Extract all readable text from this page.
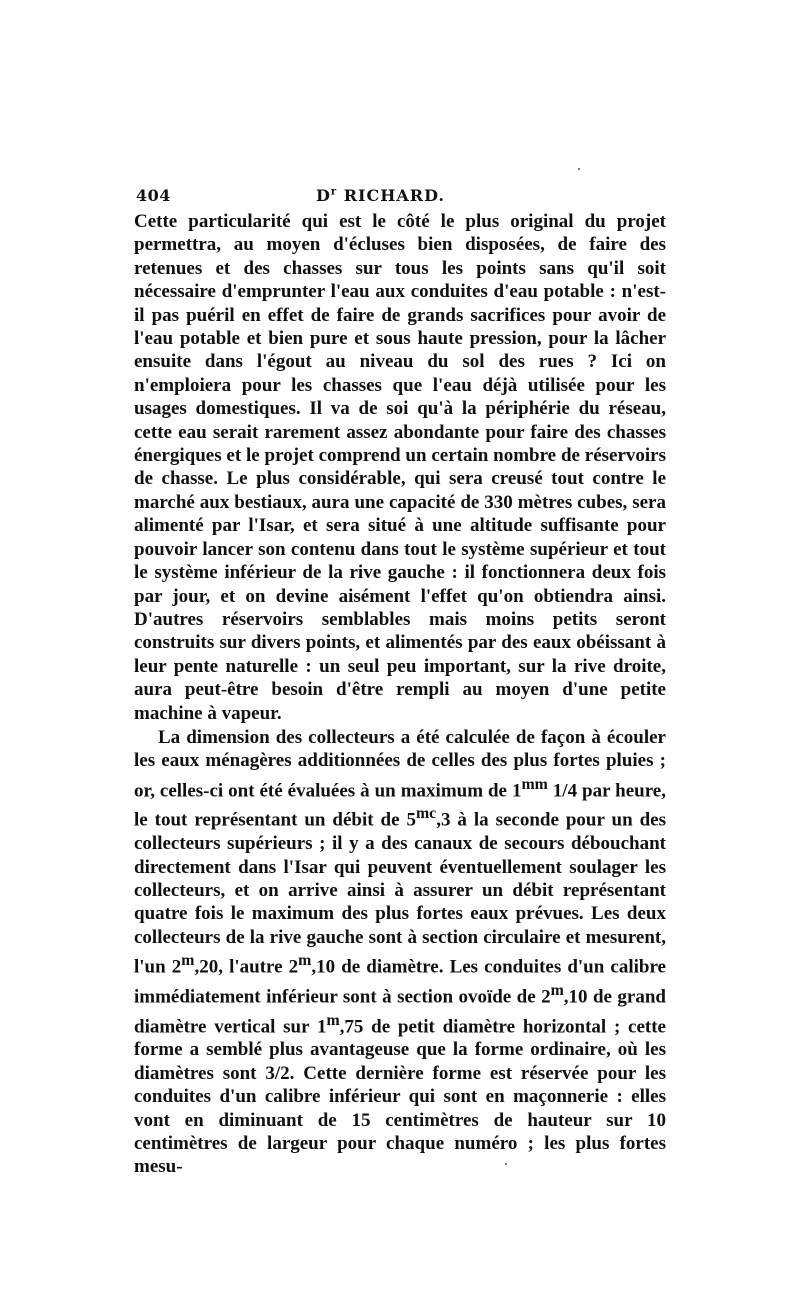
404	$D^r$ RICHARD.

Cette particularité qui est le côté le plus original du projet permettra, au moyen d'écluses bien disposées, de faire des retenues et des chasses sur tous les points sans qu'il soit nécessaire d'emprunter l'eau aux conduites d'eau potable : n'est-il pas puéril en effet de faire de grands sacrifices pour avoir de l'eau potable et bien pure et sous haute pression, pour la lâcher ensuite dans l'égout au niveau du sol des rues ? Ici on n'emploiera pour les chasses que l'eau déjà utilisée pour les usages domestiques. Il va de soi qu'à la périphérie du réseau, cette eau serait rarement assez abondante pour faire des chasses énergiques et le projet comprend un certain nombre de réservoirs de chasse. Le plus considérable, qui sera creusé tout contre le marché aux bestiaux, aura une capacité de 330 mètres cubes, sera alimenté par l'Isar, et sera situé à une altitude suffisante pour pouvoir lancer son contenu dans tout le système supérieur et tout le système inférieur de la rive gauche : il fonctionnera deux fois par jour, et on devine aisément l'effet qu'on obtiendra ainsi. D'autres réservoirs semblables mais moins petits seront construits sur divers points, et alimentés par des eaux obéissant à leur pente naturelle : un seul peu important, sur la rive droite, aura peut-être besoin d'être rempli au moyen d'une petite machine à vapeur.

La dimension des collecteurs a été calculée de façon à écouler les eaux ménagères additionnées de celles des plus fortes pluies ; or, celles-ci ont été évaluées à un maximum de $1^{mm}$ 1/4 par heure, le tout représentant un débit de $5^{mc},3$ à la seconde pour un des collecteurs supérieurs ; il y a des canaux de secours débouchant directement dans l'Isar qui peuvent éventuellement soulager les collecteurs, et on arrive ainsi à assurer un débit représentant quatre fois le maximum des plus fortes eaux prévues. Les deux collecteurs de la rive gauche sont à section circulaire et mesurent, l'un 2$^m$,20, l'autre 2$^m$,10 de diamètre. Les conduites d'un calibre immédiatement inférieur sont à section ovoïde de 2$^m$,10 de grand diamètre vertical sur 1$^m$,75 de petit diamètre horizontal ; cette forme a semblé plus avantageuse que la forme ordinaire, où les diamètres sont 3/2. Cette dernière forme est réservée pour les conduites d'un calibre inférieur qui sont en maçonnerie : elles vont en diminuant de 15 centimètres de hauteur sur 10 centimètres de largeur pour chaque numéro ; les plus fortes mesu-
